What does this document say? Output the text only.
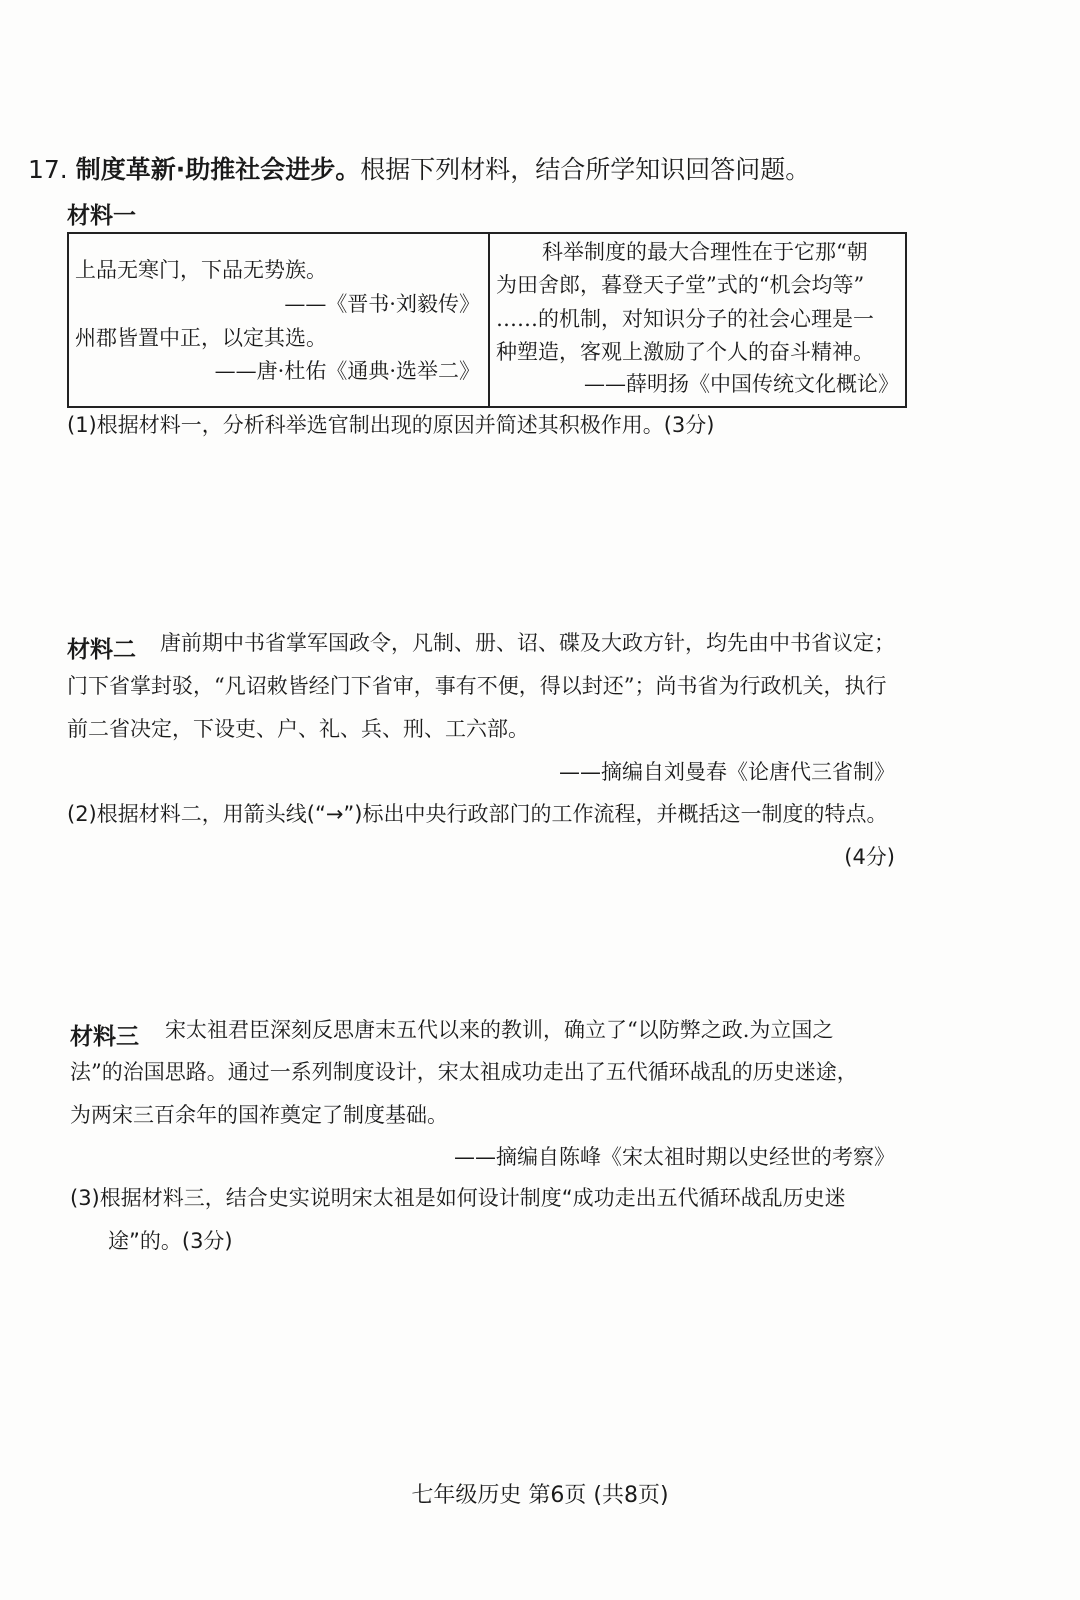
17. 制度革新·助推社会进步。根据下列材料，结合所学知识回答问题。
材料一
上品无寒门，下品无势族。
——《晋书·刘毅传》
州郡皆置中正，以定其选。
——唐·杜佑《通典·选举二》
科举制度的最大合理性在于它那“朝
为田舍郎，暮登天子堂”式的“机会均等”
……的机制，对知识分子的社会心理是一
种塑造，客观上激励了个人的奋斗精神。
——薛明扬《中国传统文化概论》
(1)根据材料一，分析科举选官制出现的原因并简述其积极作用。(3分)
材料二 唐前期中书省掌军国政令，凡制、册、诏、碟及大政方针，均先由中书省议定；
门下省掌封驳，“凡诏敕皆经门下省审，事有不便，得以封还”；尚书省为行政机关，执行
前二省决定，下设吏、户、礼、兵、刑、工六部。
——摘编自刘曼春《论唐代三省制》
(2)根据材料二，用箭头线(“→”)标出中央行政部门的工作流程，并概括这一制度的特点。
(4分)
材料三 宋太祖君臣深刻反思唐末五代以来的教训，确立了“以防弊之政.为立国之
法”的治国思路。通过一系列制度设计，宋太祖成功走出了五代循环战乱的历史迷途，
为两宋三百余年的国祚奠定了制度基础。
——摘编自陈峰《宋太祖时期以史经世的考察》
(3)根据材料三，结合史实说明宋太祖是如何设计制度“成功走出五代循环战乱历史迷
途”的。(3分)
七年级历史 第6页 (共8页)
